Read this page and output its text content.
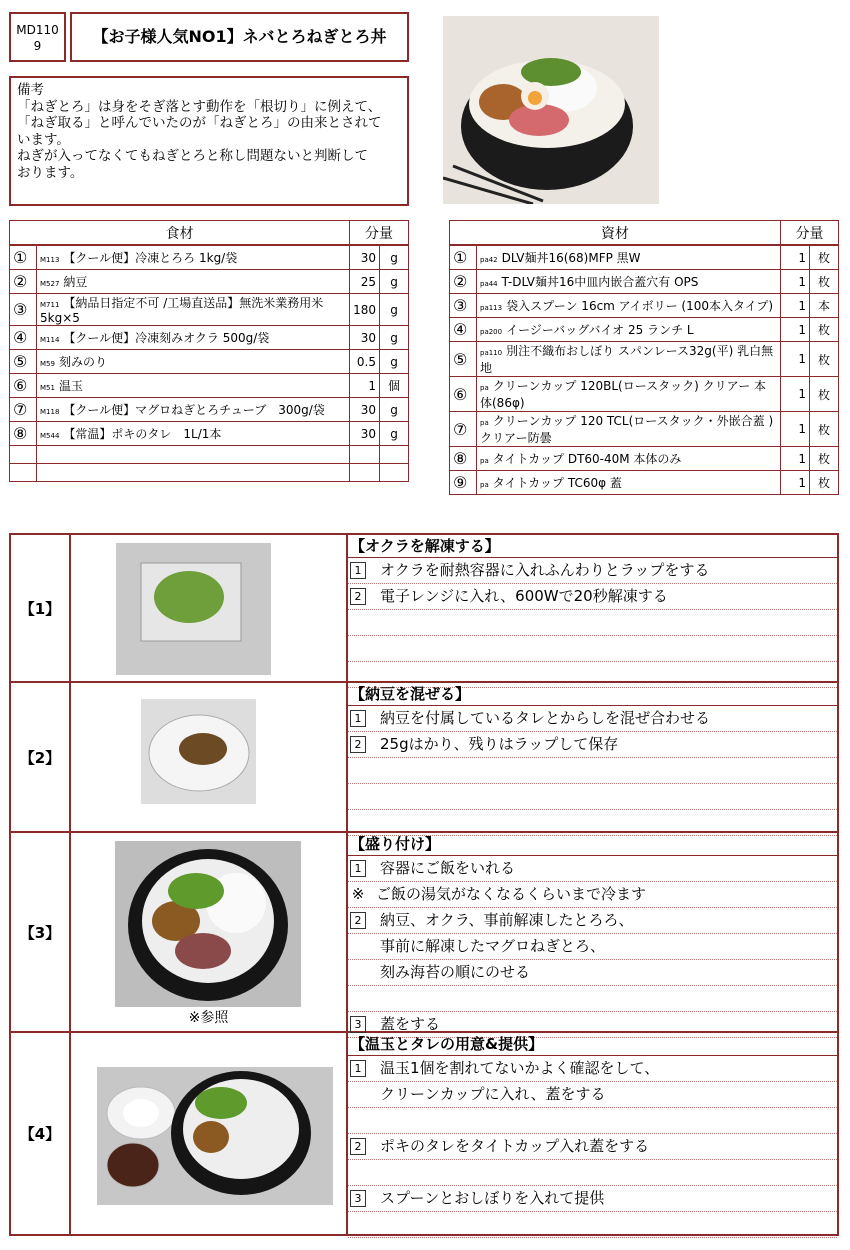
MD110 9	【お子様人気NO1】ネバとろねぎとろ丼
備考
「ねぎとろ」は身をそぎ落とす動作を「根切り」に例えて、
「ねぎ取る」と呼んでいたのが「ねぎとろ」の由来とされて
います。
ねぎが入ってなくてもねぎとろと称し問題ないと判断して
おります。
食材		分量	
①	M113 【クール便】冷凍とろろ 1kg/袋	30	g
②	M527 納豆	25	g
③	M711 【納品日指定不可 /工場直送品】無洗米業務用米5kg×5	180	g
④	M114 【クール便】冷凍刻みオクラ 500g/袋	30	g
⑤	M59 刻みのり	0.5	g
⑥	M51 温玉	1	個
⑦	M118 【クール便】マグロねぎとろチューブ　300g/袋	30	g
⑧	M544 【常温】ポキのタレ　1L/1本	30	g

資材		分量	
①	pa42 DLV麺丼16(68)MFP 黒W	1	枚
②	pa44 T-DLV麺丼16中皿内嵌合蓋穴有 OPS	1	枚
③	pa113 袋入スプーン 16cm アイボリー (100本入タイプ)	1	本
④	pa200 イージーバッグバイオ 25 ランチ L	1	枚
⑤	pa110 別注不織布おしぼり スパンレース32g(平) 乳白無地	1	枚
⑥	pa クリーンカップ 120BL(ロースタック) クリアー 本体(86φ)	1	枚
⑦	pa クリーンカップ 120 TCL(ロースタック・外嵌合蓋 ) クリアー防曇	1	枚
⑧	pa タイトカップ DT60-40M 本体のみ	1	枚
⑨	pa タイトカップ TC60φ 蓋	1	枚
【1】
【オクラを解凍する】
1 オクラを耐熱容器に入れふんわりとラップをする
2 電子レンジに入れ、600Wで20秒解凍する
【2】
【納豆を混ぜる】
1 納豆を付属しているタレとからしを混ぜ合わせる
2 25gはかり、残りはラップして保存
【3】
※参照
【盛り付け】
1 容器にご飯をいれる
※ ご飯の湯気がなくなるくらいまで冷ます
2 納豆、オクラ、事前解凍したとろろ、
事前に解凍したマグロねぎとろ、
刻み海苔の順にのせる
3 蓋をする
【4】
【温玉とタレの用意&提供】
1 温玉1個を割れてないかよく確認をして、
クリーンカップに入れ、蓋をする
2 ポキのタレをタイトカップ入れ蓋をする
3 スプーンとおしぼりを入れて提供
